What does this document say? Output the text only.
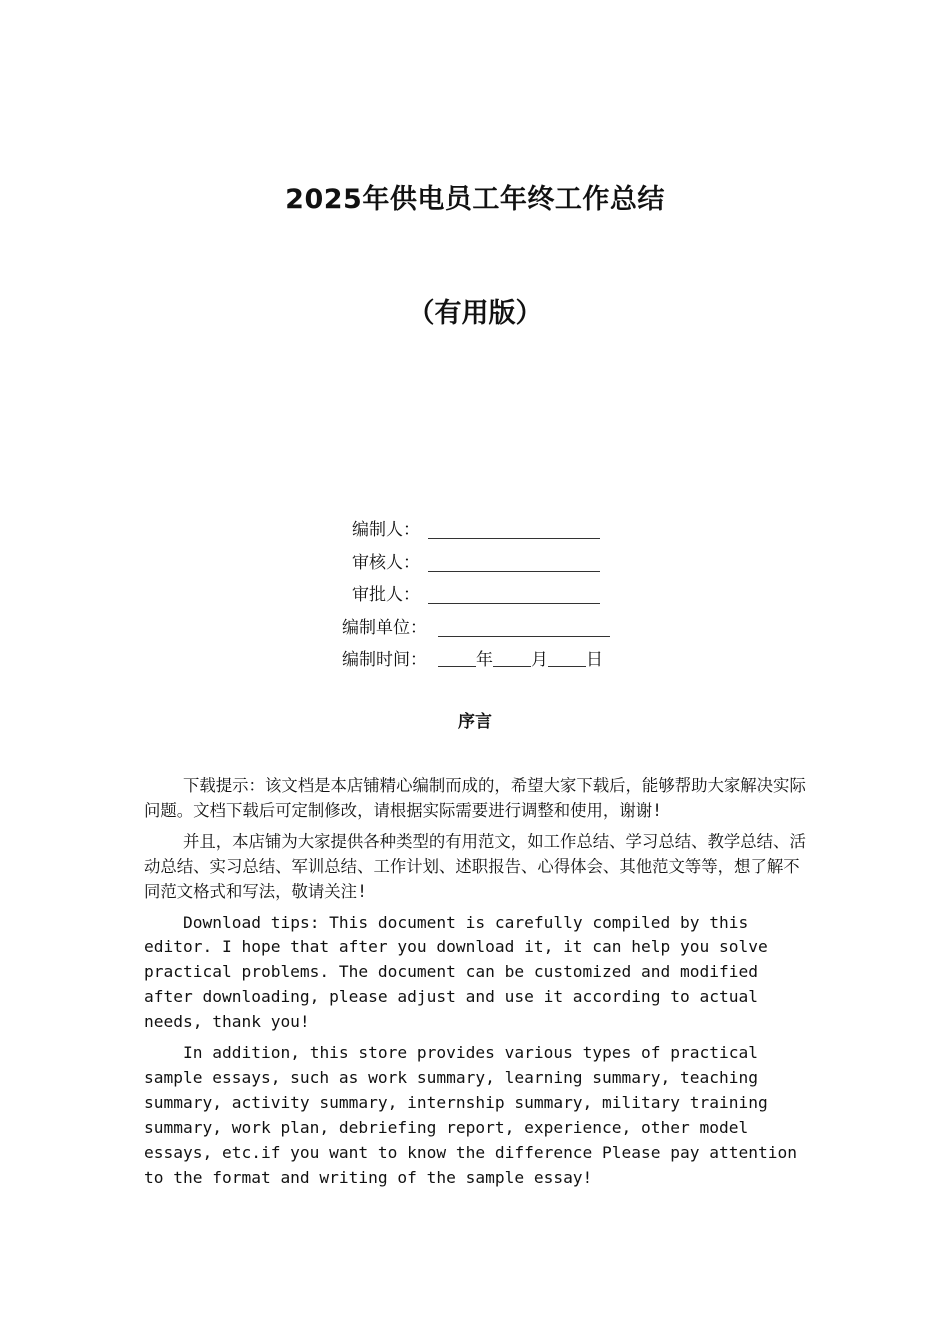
2025年供电员工年终工作总结
（有用版）
编制人：
审核人：
审批人：
编制单位：
编制时间：	年 月 日
序言

下载提示：该文档是本店铺精心编制而成的，希望大家下载后，能够帮助大家解决实际问题。文档下载后可定制修改，请根据实际需要进行调整和使用，谢谢!

并且，本店铺为大家提供各种类型的有用范文，如工作总结、学习总结、教学总结、活动总结、实习总结、军训总结、工作计划、述职报告、心得体会、其他范文等等，想了解不同范文格式和写法，敬请关注!

Download tips: This document is carefully compiled by this editor. I hope that after you download it, it can help you solve practical problems. The document can be customized and modified after downloading, please adjust and use it according to actual needs, thank you!

In addition, this store provides various types of practical sample essays, such as work summary, learning summary, teaching summary, activity summary, internship summary, military training summary, work plan, debriefing report, experience, other model essays, etc.if you want to know the difference Please pay attention to the format and writing of the sample essay!
